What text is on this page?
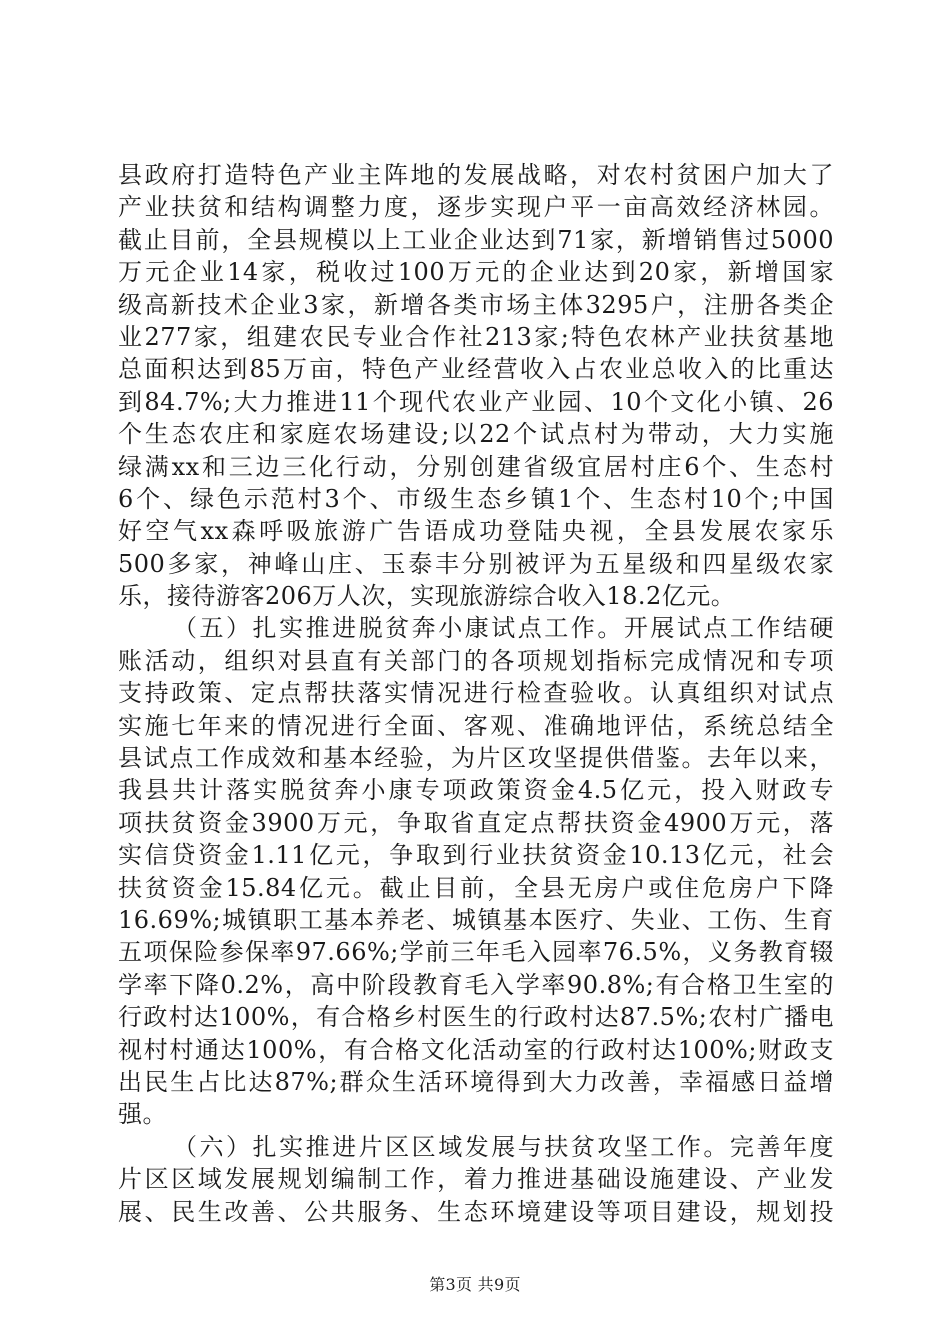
县政府打造特色产业主阵地的发展战略，对农村贫困户加大了
产业扶贫和结构调整力度，逐步实现户平一亩高效经济林园。
截止目前，全县规模以上工业企业达到71家，新增销售过5000
万元企业14家，税收过100万元的企业达到20家，新增国家
级高新技术企业3家，新增各类市场主体3295户，注册各类企
业277家，组建农民专业合作社213家;特色农林产业扶贫基地
总面积达到85万亩，特色产业经营收入占农业总收入的比重达
到84.7%;大力推进11个现代农业产业园、10个文化小镇、26
个生态农庄和家庭农场建设;以22个试点村为带动，大力实施
绿满xx和三边三化行动，分别创建省级宜居村庄6个、生态村
6个、绿色示范村3个、市级生态乡镇1个、生态村10个;中国
好空气xx森呼吸旅游广告语成功登陆央视，全县发展农家乐
500多家，神峰山庄、玉泰丰分别被评为五星级和四星级农家
乐，接待游客206万人次，实现旅游综合收入18.2亿元。
（五）扎实推进脱贫奔小康试点工作。开展试点工作结硬
账活动，组织对县直有关部门的各项规划指标完成情况和专项
支持政策、定点帮扶落实情况进行检查验收。认真组织对试点
实施七年来的情况进行全面、客观、准确地评估，系统总结全
县试点工作成效和基本经验，为片区攻坚提供借鉴。去年以来，
我县共计落实脱贫奔小康专项政策资金4.5亿元，投入财政专
项扶贫资金3900万元，争取省直定点帮扶资金4900万元，落
实信贷资金1.11亿元，争取到行业扶贫资金10.13亿元，社会
扶贫资金15.84亿元。截止目前，全县无房户或住危房户下降
16.69%;城镇职工基本养老、城镇基本医疗、失业、工伤、生育
五项保险参保率97.66%;学前三年毛入园率76.5%，义务教育辍
学率下降0.2%，高中阶段教育毛入学率90.8%;有合格卫生室的
行政村达100%，有合格乡村医生的行政村达87.5%;农村广播电
视村村通达100%，有合格文化活动室的行政村达100%;财政支
出民生占比达87%;群众生活环境得到大力改善，幸福感日益增
强。
（六）扎实推进片区区域发展与扶贫攻坚工作。完善年度
片区区域发展规划编制工作，着力推进基础设施建设、产业发
展、民生改善、公共服务、生态环境建设等项目建设，规划投
第3页 共9页
